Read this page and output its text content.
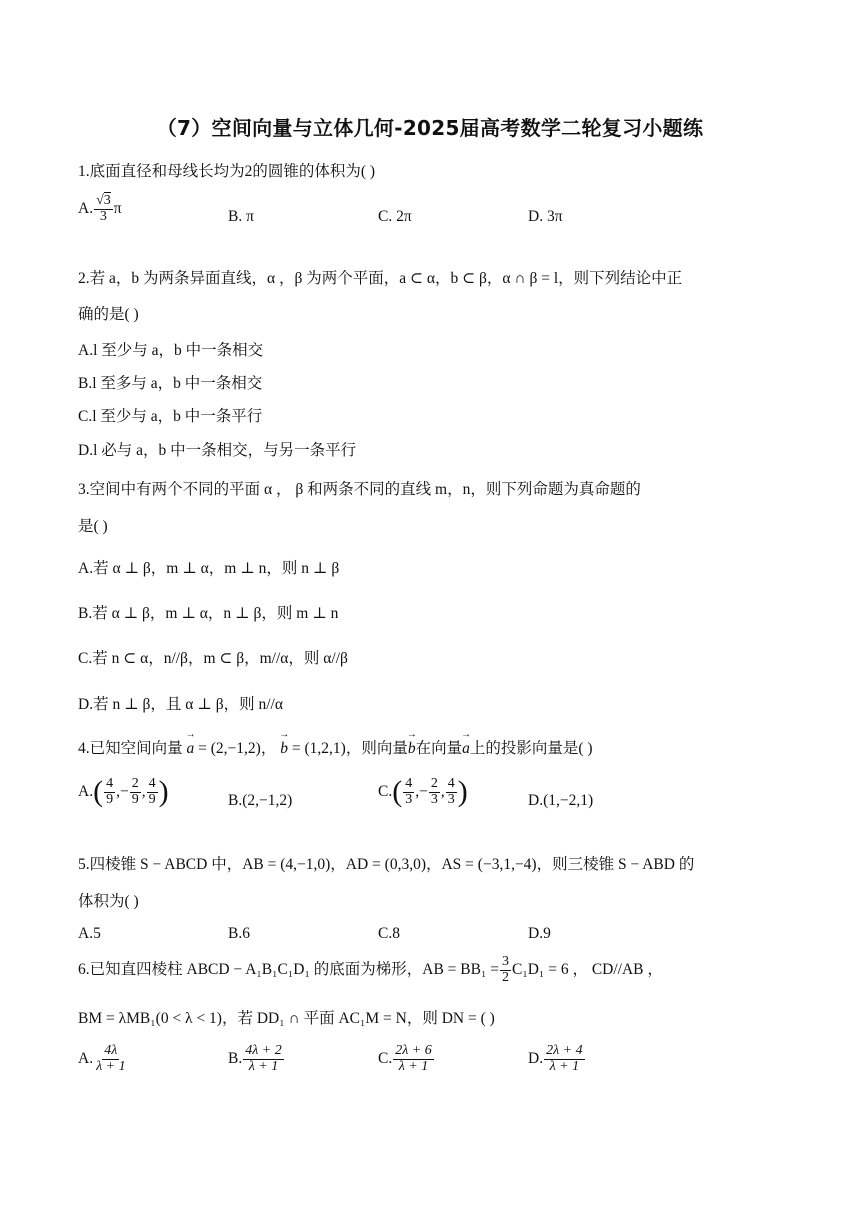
（7）空间向量与立体几何-2025届高考数学二轮复习小题练
1.底面直径和母线长均为2的圆锥的体积为( )
A. $\frac{√3}{3}$ π	B. π	C. 2π	D. 3π
2.若 a，b 为两条异面直线，α ，β 为两个平面，a ⊂ α，b ⊂ β，α ∩ β = l，则下列结论中正
确的是( )
A.l 至少与 a，b 中一条相交
B.l 至多与 a，b 中一条相交
C.l 至少与 a，b 中一条平行
D.l 必与 a，b 中一条相交，与另一条平行
3.空间中有两个不同的平面 α ， β 和两条不同的直线 m，n，则下列命题为真命题的
是( )
A.若 α ⊥ β，m ⊥ α，m ⊥ n，则 n ⊥ β
B.若 α ⊥ β，m ⊥ α，n ⊥ β，则 m ⊥ n
C.若 n ⊂ α，n//β，m ⊂ β，m//α，则 α//β
D.若 n ⊥ β，且 α ⊥ β，则 n//α
4.已知空间向量 → a = (2,−1,2)， → b = (1,2,1)，则向量→ b在向量→ a上的投影向量是( )
$A.( \frac{4}{9}$ ,− $\frac{2}{9}$ , $\frac{4}{9}$ )	B.(2,−1,2)
$C.( \frac{4}{3}$ ,− $\frac{2}{3}$ , $\frac{4}{3}$ )	D.(1,−2,1)
5.四棱锥 S − ABCD 中，AB = (4,−1,0)，AD = (0,3,0)，AS = (−3,1,−4)，则三棱锥 S − ABD 的
体积为( )
A.5	B.6	C.8	D.9
6.已知直四棱柱 ABCD − A₁B₁C₁D₁ 的底面为梯形，AB = $BB_1 = \frac{3}{2} C_1D_1 = 6$ ， CD//AB ，
BM = λMB₁(0 < λ < 1)，若 DD₁ ∩ 平面 AC₁M = N，则 DN = ( )
A. $\frac{4\lambda}{\lambda + 1}$	B. $\frac{4\lambda + 2}{\lambda + 1}$	C. $\frac{2\lambda + 6}{\lambda + 1}$	D. $\frac{2\lambda + 4}{\lambda + 1}$
